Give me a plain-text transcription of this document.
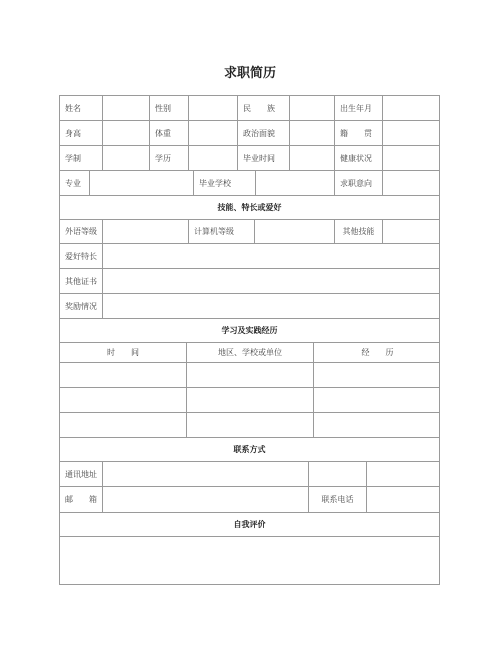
求职简历
姓名	性别	民　　族	出生年月
身高	体重	政治面貌	籍　　贯
学制	学历	毕业时间	健康状况
专业	毕业学校	求职意向
技能、特长或爱好
外语等级	计算机等级	其他技能
爱好特长
其他证书
奖励情况
学习及实践经历
时　　间	地区、学校或单位	经　　历
联系方式
通讯地址
邮　　箱	联系电话
自我评价
